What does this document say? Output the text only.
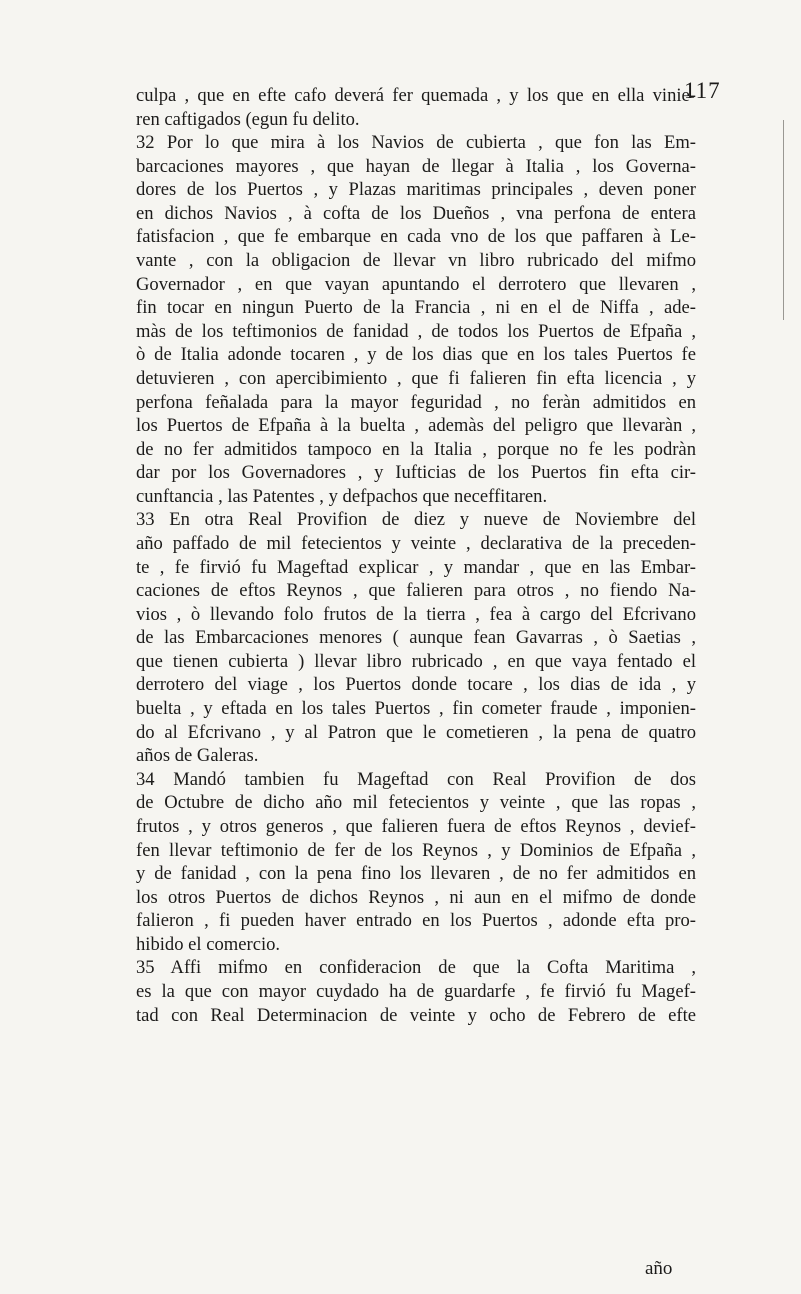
117
culpa , que en efte cafo deverá fer quemada , y los que en ella vinie-
ren caftigados (egun fu delito.
32 Por lo que mira à los Navios de cubierta , que fon las Em-
barcaciones mayores , que hayan de llegar à Italia , los Governa-
dores de los Puertos , y Plazas maritimas principales , deven poner
en dichos Navios , à cofta de los Dueños , vna perfona de entera
fatisfacion , que fe embarque en cada vno de los que paffaren à Le-
vante , con la obligacion de llevar vn libro rubricado del mifmo
Governador , en que vayan apuntando el derrotero que llevaren ,
fin tocar en ningun Puerto de la Francia , ni en el de Niffa , ade-
màs de los teftimonios de fanidad , de todos los Puertos de Efpaña ,
ò de Italia adonde tocaren , y de los dias que en los tales Puertos fe
detuvieren , con apercibimiento , que fi falieren fin efta licencia , y
perfona feñalada para la mayor feguridad , no feràn admitidos en
los Puertos de Efpaña à la buelta , ademàs del peligro que llevaràn ,
de no fer admitidos tampoco en la Italia , porque no fe les podràn
dar por los Governadores , y Iufticias de los Puertos fin efta cir-
cunftancia , las Patentes , y defpachos que neceffitaren.
33 En otra Real Provifion de diez y nueve de Noviembre del
año paffado de mil fetecientos y veinte , declarativa de la preceden-
te , fe firvió fu Mageftad explicar , y mandar , que en las Embar-
caciones de eftos Reynos , que falieren para otros , no fiendo Na-
vios , ò llevando folo frutos de la tierra , fea à cargo del Efcrivano
de las Embarcaciones menores ( aunque fean Gavarras , ò Saetias ,
que tienen cubierta ) llevar libro rubricado , en que vaya fentado el
derrotero del viage , los Puertos donde tocare , los dias de ida , y
buelta , y eftada en los tales Puertos , fin cometer fraude , imponien-
do al Efcrivano , y al Patron que le cometieren , la pena de quatro
años de Galeras.
34 Mandó tambien fu Mageftad con Real Provifion de dos
de Octubre de dicho año mil fetecientos y veinte , que las ropas ,
frutos , y otros generos , que falieren fuera de eftos Reynos , devief-
fen llevar teftimonio de fer de los Reynos , y Dominios de Efpaña ,
y de fanidad , con la pena fino los llevaren , de no fer admitidos en
los otros Puertos de dichos Reynos , ni aun en el mifmo de donde
falieron , fi pueden haver entrado en los Puertos , adonde efta pro-
hibido el comercio.
35 Affi mifmo en confideracion de que la Cofta Maritima ,
es la que con mayor cuydado ha de guardarfe , fe firvió fu Magef-
tad con Real Determinacion de veinte y ocho de Febrero de efte
año
